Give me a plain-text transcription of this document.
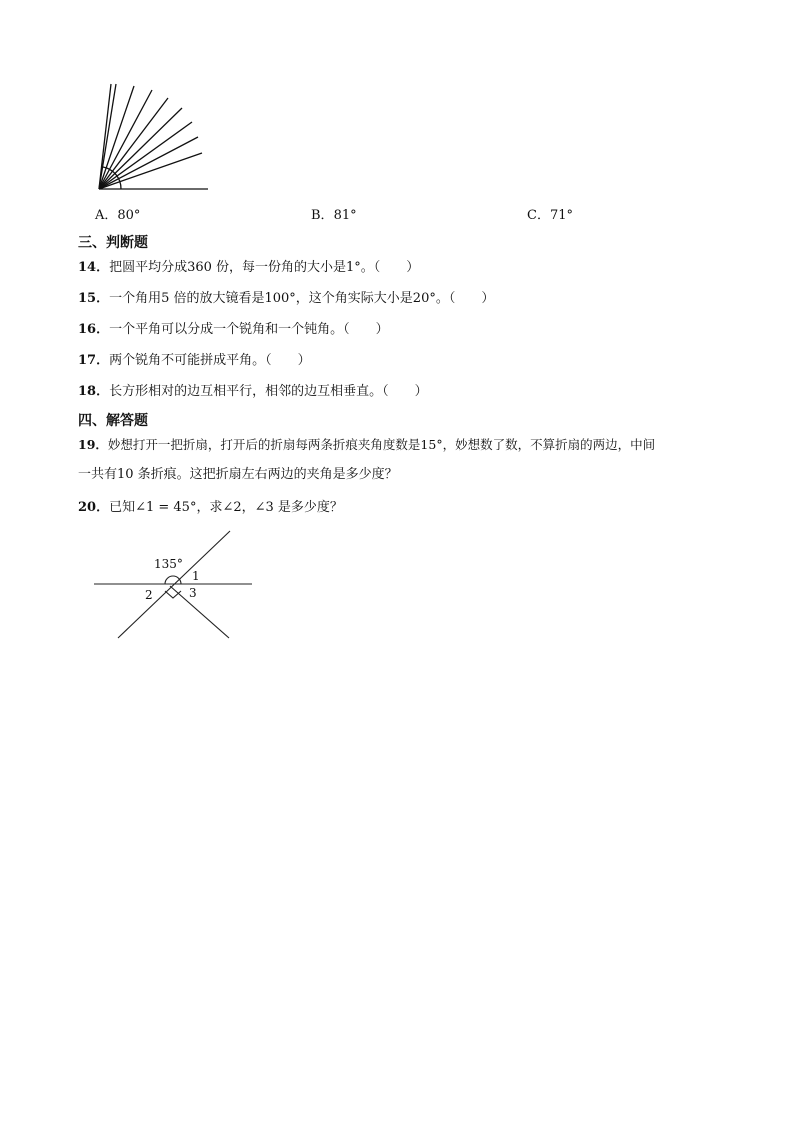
A．80°	B．81°	C．71°
三、判断题
14．把圆平均分成360 份，每一份角的大小是1°。（　　）
15．一个角用5 倍的放大镜看是100°，这个角实际大小是20°。（　　）
16．一个平角可以分成一个锐角和一个钝角。（　　）
17．两个锐角不可能拼成平角。（　　）
18．长方形相对的边互相平行，相邻的边互相垂直。（　　）
四、解答题
19．妙想打开一把折扇，打开后的折扇每两条折痕夹角度数是15°，妙想数了数，不算折扇的两边，中间
一共有10 条折痕。这把折扇左右两边的夹角是多少度？
20．已知∠1 = 45°，求∠2，∠3 是多少度？
135°
1
2	3
